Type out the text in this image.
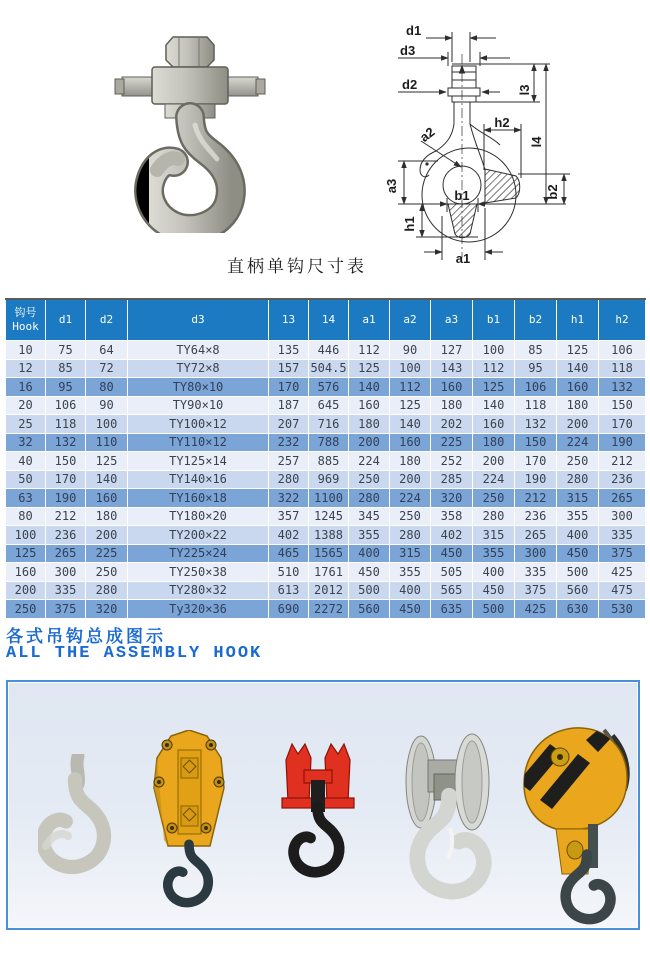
d1
d3
d2	l3
l4
h2
a2
a3
b1	b2
h1
a1
直柄单钩尺寸表
钩号
Hook	d1	d2	d3	13	14	a1	a2	a3	b1	b2	h1	h2
10	75	64	TY64×8	135	446	112	90	127	100	85	125	106
12	85	72	TY72×8	157	504.5	125	100	143	112	95	140	118
16	95	80	TY80×10	170	576	140	112	160	125	106	160	132
20	106	90	TY90×10	187	645	160	125	180	140	118	180	150
25	118	100	TY100×12	207	716	180	140	202	160	132	200	170
32	132	110	TY110×12	232	788	200	160	225	180	150	224	190
40	150	125	TY125×14	257	885	224	180	252	200	170	250	212
50	170	140	TY140×16	280	969	250	200	285	224	190	280	236
63	190	160	TY160×18	322	1100	280	224	320	250	212	315	265
80	212	180	TY180×20	357	1245	345	250	358	280	236	355	300
100	236	200	TY200×22	402	1388	355	280	402	315	265	400	335
125	265	225	TY225×24	465	1565	400	315	450	355	300	450	375
160	300	250	TY250×38	510	1761	450	355	505	400	335	500	425
200	335	280	TY280×32	613	2012	500	400	565	450	375	560	475
250	375	320	Ty320×36	690	2272	560	450	635	500	425	630	530
各式吊钩总成图示
ALL THE ASSEMBLY HOOK
